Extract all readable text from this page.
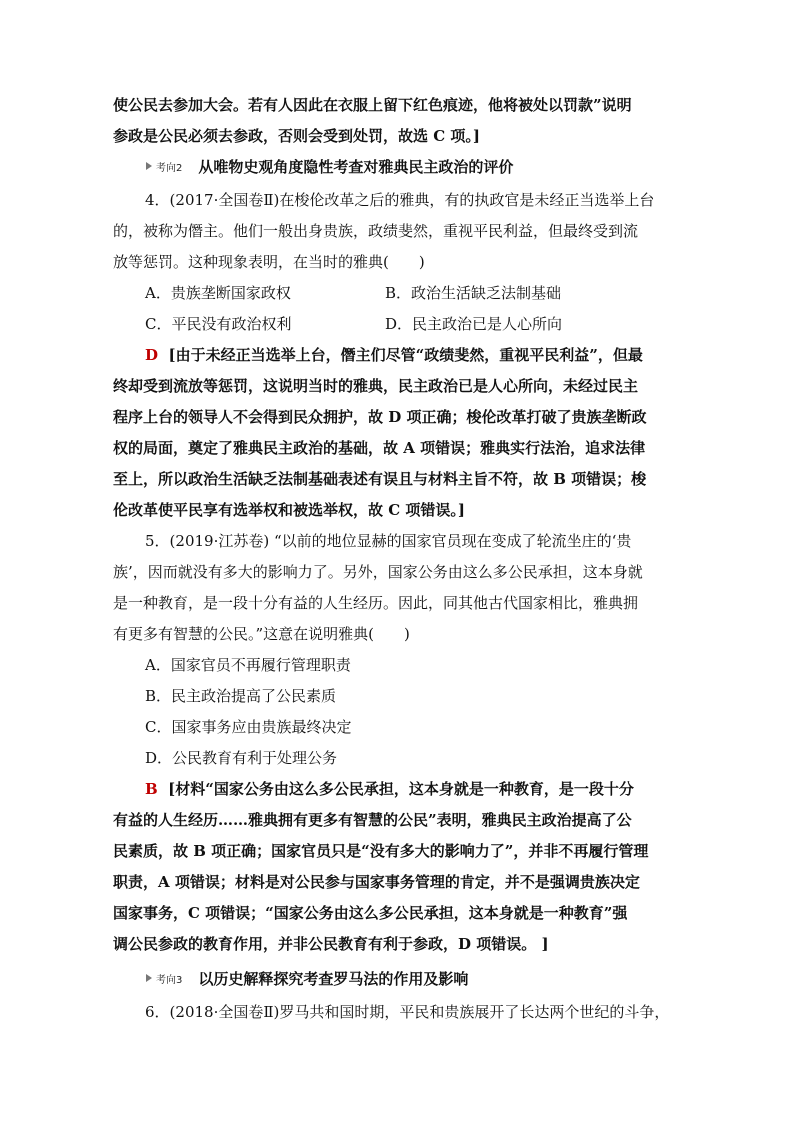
使公民去参加大会。若有人因此在衣服上留下红色痕迹，他将被处以罚款”说明
参政是公民必须去参政，否则会受到处罚，故选 C 项。]
考向2 从唯物史观角度隐性考查对雅典民主政治的评价
4．(2017·全国卷Ⅱ)在梭伦改革之后的雅典，有的执政官是未经正当选举上台
的，被称为僭主。他们一般出身贵族，政绩斐然，重视平民利益，但最终受到流
放等惩罚。这种现象表明，在当时的雅典(　　)
A．贵族垄断国家政权	B．政治生活缺乏法制基础
C．平民没有政治权利	D．民主政治已是人心所向
D [由于未经正当选举上台，僭主们尽管“政绩斐然，重视平民利益”，但最
终却受到流放等惩罚，这说明当时的雅典，民主政治已是人心所向，未经过民主
程序上台的领导人不会得到民众拥护，故 D 项正确；梭伦改革打破了贵族垄断政
权的局面，奠定了雅典民主政治的基础，故 A 项错误；雅典实行法治，追求法律
至上，所以政治生活缺乏法制基础表述有误且与材料主旨不符，故 B 项错误；梭
伦改革使平民享有选举权和被选举权，故 C 项错误。]
5．(2019·江苏卷) “以前的地位显赫的国家官员现在变成了轮流坐庄的‘贵
族’，因而就没有多大的影响力了。另外，国家公务由这么多公民承担，这本身就
是一种教育，是一段十分有益的人生经历。因此，同其他古代国家相比，雅典拥
有更多有智慧的公民。”这意在说明雅典(　　)
A．国家官员不再履行管理职责
B．民主政治提高了公民素质
C．国家事务应由贵族最终决定
D．公民教育有利于处理公务
B [材料“国家公务由这么多公民承担，这本身就是一种教育，是一段十分
有益的人生经历……雅典拥有更多有智慧的公民”表明，雅典民主政治提高了公
民素质，故 B 项正确；国家官员只是“没有多大的影响力了”，并非不再履行管理
职责，A 项错误；材料是对公民参与国家事务管理的肯定，并不是强调贵族决定
国家事务，C 项错误；“国家公务由这么多公民承担，这本身就是一种教育”强
调公民参政的教育作用，并非公民教育有利于参政，D 项错误。 ]
考向3 以历史解释探究考查罗马法的作用及影响
6．(2018·全国卷Ⅱ)罗马共和国时期，平民和贵族展开了长达两个世纪的斗争，
